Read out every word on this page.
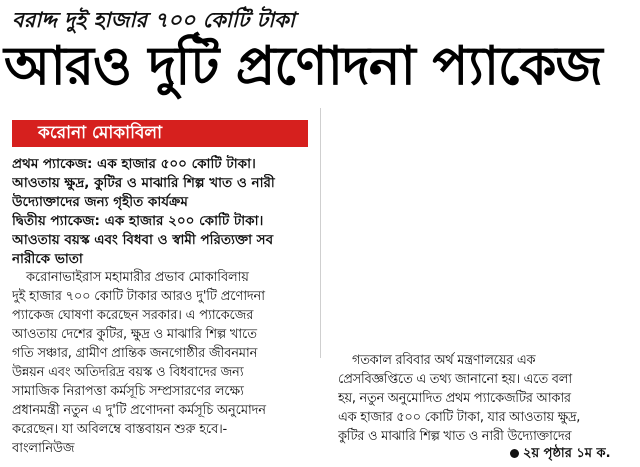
বরাদ্দ দুই হাজার ৭০০ কোটি টাকা
আরও দুটি প্রণোদনা প্যাকেজ
করোনা মোকাবিলা
প্রথম প্যাকেজ: এক হাজার ৫০০ কোটি টাকা।
আওতায় ক্ষুদ্র, কুটির ও মাঝারি শিল্প খাত ও নারী
উদ্যোক্তাদের জন্য গৃহীত কার্যক্রম
দ্বিতীয় প্যাকেজ: এক হাজার ২০০ কোটি টাকা।
আওতায় বয়স্ক এবং বিধবা ও স্বামী পরিত্যক্তা সব
নারীকে ভাতা
করোনাভাইরাস মহামারীর প্রভাব মোকাবিলায়
দুই হাজার ৭০০ কোটি টাকার আরও দু'টি প্রণোদনা
প্যাকেজ ঘোষণা করেছেন সরকার। এ প্যাকেজের
আওতায় দেশের কুটির, ক্ষুদ্র ও মাঝারি শিল্প খাতে
গতি সঞ্চার, গ্রামীণ প্রান্তিক জনগোষ্ঠীর জীবনমান
উন্নয়ন এবং অতিদরিদ্র বয়স্ক ও বিধবাদের জন্য
সামাজিক নিরাপত্তা কর্মসূচি সম্প্রসারণের লক্ষ্যে
প্রধানমন্ত্রী নতুন এ দু'টি প্রণোদনা কর্মসূচি অনুমোদন
করেছেন। যা অবিলম্বে বাস্তবায়ন শুরু হবে।-
বাংলানিউজ
গতকাল রবিবার অর্থ মন্ত্রণালয়ের এক
প্রেসবিজ্ঞপ্তিতে এ তথ্য জানানো হয়। এতে বলা
হয়, নতুন অনুমোদিত প্রথম প্যাকেজটির আকার
এক হাজার ৫০০ কোটি টাকা, যার আওতায় ক্ষুদ্র,
কুটির ও মাঝারি শিল্প খাত ও নারী উদ্যোক্তাদের
২য় পৃষ্ঠার ১ম ক.
